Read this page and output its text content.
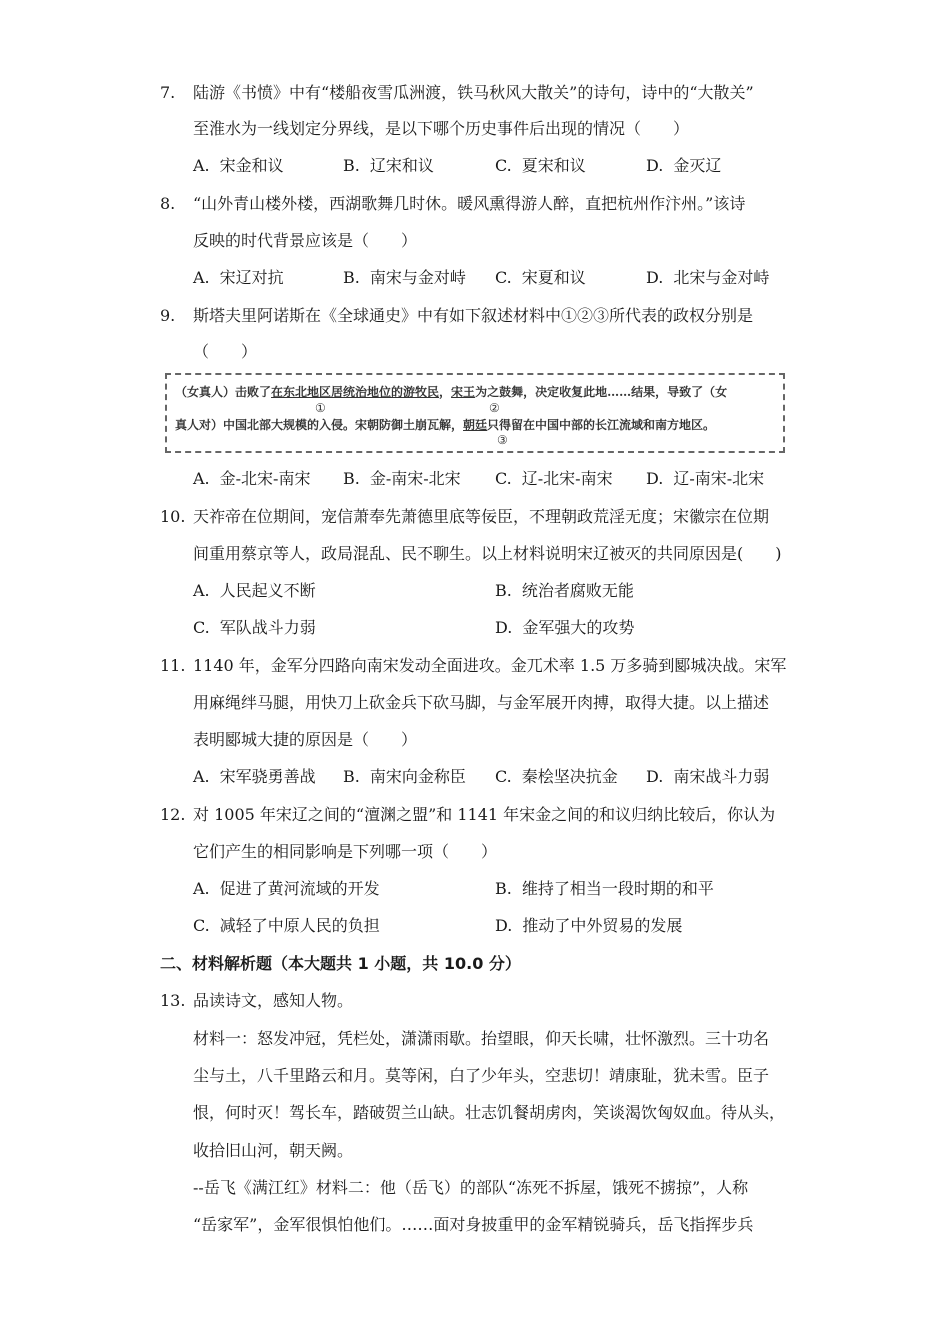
7. 陆游《书愤》中有“楼船夜雪瓜洲渡，铁马秋风大散关”的诗句，诗中的“大散关”
至淮水为一线划定分界线，是以下哪个历史事件后出现的情况（　　）
A. 宋金和议	B. 辽宋和议	C. 夏宋和议	D. 金灭辽
8. “山外青山楼外楼，西湖歌舞几时休。暖风熏得游人醉，直把杭州作汴州。”该诗
反映的时代背景应该是（　　）
A. 宋辽对抗	B. 南宋与金对峙 C. 宋夏和议	D. 北宋与金对峙
9. 斯塔夫里阿诺斯在《全球通史》中有如下叙述材料中①②③所代表的政权分别是
（　　）
（女真人）击败了在东北地区居统治地位的游牧民，宋王为之鼓舞，决定收复此地……结果，导致了（女
①	②
真人对）中国北部大规模的入侵。宋朝防御土崩瓦解，朝廷只得留在中国中部的长江流域和南方地区。
③
A. 金-北宋-南宋 B. 金-南宋-北宋 C. 辽-北宋-南宋 D. 辽-南宋-北宋
10. 天祚帝在位期间，宠信萧奉先萧德里底等佞臣，不理朝政荒淫无度；宋徽宗在位期
间重用蔡京等人，政局混乱、民不聊生。以上材料说明宋辽被灭的共同原因是(　　)
A. 人民起义不断	B. 统治者腐败无能
C. 军队战斗力弱	D. 金军强大的攻势
11. 1140 年，金军分四路向南宋发动全面进攻。金兀术率 1.5 万多骑到郾城决战。宋军
用麻绳绊马腿，用快刀上砍金兵下砍马脚，与金军展开肉搏，取得大捷。以上描述
表明郾城大捷的原因是（　　）
A. 宋军骁勇善战 B. 南宋向金称臣 C. 秦桧坚决抗金 D. 南宋战斗力弱
12. 对 1005 年宋辽之间的“澶渊之盟”和 1141 年宋金之间的和议归纳比较后，你认为
它们产生的相同影响是下列哪一项（　　）
A. 促进了黄河流域的开发	B. 维持了相当一段时期的和平
C. 减轻了中原人民的负担	D. 推动了中外贸易的发展
二、材料解析题（本大题共 1 小题，共 10.0 分）
13. 品读诗文，感知人物。
材料一：怒发冲冠，凭栏处，潇潇雨歇。抬望眼，仰天长啸，壮怀激烈。三十功名
尘与土，八千里路云和月。莫等闲，白了少年头，空悲切！靖康耻，犹未雪。臣子
恨，何时灭！驾长车，踏破贺兰山缺。壮志饥餐胡虏肉，笑谈渴饮匈奴血。待从头，
收拾旧山河，朝天阙。
--岳飞《满江红》材料二：他（岳飞）的部队“冻死不拆屋，饿死不掳掠”，人称
“岳家军”，金军很惧怕他们。……面对身披重甲的金军精锐骑兵，岳飞指挥步兵
